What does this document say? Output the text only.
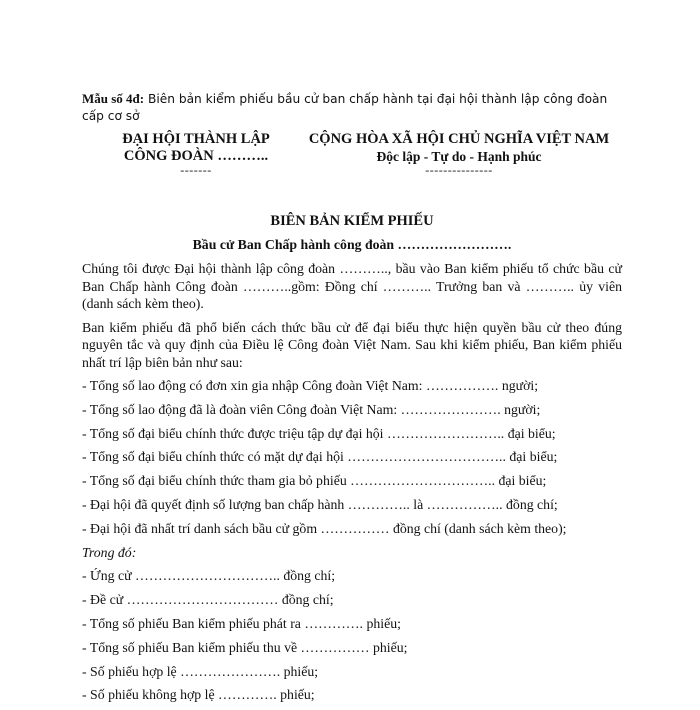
Mẫu số 4đ: Biên bản kiểm phiếu bầu cử ban chấp hành tại đại hội thành lập công đoàn cấp cơ sở
ĐẠI HỘI THÀNH LẬP
CÔNG ĐOÀN ………..
-------
CỘNG HÒA XÃ HỘI CHỦ NGHĨA VIỆT NAM
Độc lập - Tự do - Hạnh phúc
---------------
BIÊN BẢN KIỂM PHIẾU
Bầu cử Ban Chấp hành công đoàn …………………….

Chúng tôi được Đại hội thành lập công đoàn ……….., bầu vào Ban kiểm phiếu tổ chức bầu cử Ban Chấp hành Công đoàn ………..gồm: Đồng chí ……….. Trưởng ban và ……….. ủy viên (danh sách kèm theo).

Ban kiểm phiếu đã phổ biến cách thức bầu cử để đại biểu thực hiện quyền bầu cử theo đúng nguyên tắc và quy định của Điều lệ Công đoàn Việt Nam. Sau khi kiểm phiếu, Ban kiểm phiếu nhất trí lập biên bản như sau:

- Tổng số lao động có đơn xin gia nhập Công đoàn Việt Nam: ……………. người;
- Tổng số lao động đã là đoàn viên Công đoàn Việt Nam: …………………. người;
- Tổng số đại biểu chính thức được triệu tập dự đại hội …………………….. đại biểu;
- Tổng số đại biểu chính thức có mặt dự đại hội …………………………….. đại biểu;
- Tổng số đại biểu chính thức tham gia bỏ phiếu ………………………….. đại biểu;
- Đại hội đã quyết định số lượng ban chấp hành ………….. là …………….. đồng chí;
- Đại hội đã nhất trí danh sách bầu cử gồm …………… đồng chí (danh sách kèm theo);
Trong đó:
- Ứng cử ………………………….. đồng chí;
- Đề cử …………………………… đồng chí;
- Tổng số phiếu Ban kiểm phiếu phát ra …………. phiếu;
- Tổng số phiếu Ban kiểm phiếu thu về …………… phiếu;
- Số phiếu hợp lệ …………………. phiếu;
- Số phiếu không hợp lệ …………. phiếu;
